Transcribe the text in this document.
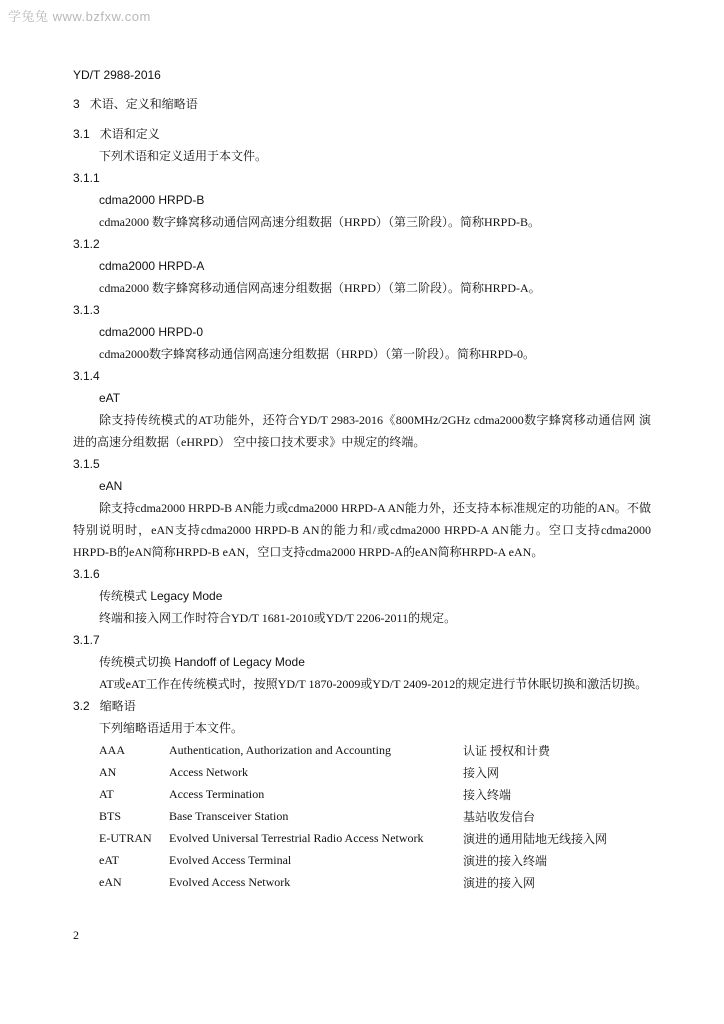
学兔兔 www.bzfxw.com
YD/T 2988-2016
3 术语、定义和缩略语
3.1 术语和定义
下列术语和定义适用于本文件。
3.1.1
cdma2000 HRPD-B
cdma2000 数字蜂窝移动通信网高速分组数据（HRPD）（第三阶段）。简称HRPD-B。
3.1.2
cdma2000 HRPD-A
cdma2000 数字蜂窝移动通信网高速分组数据（HRPD）（第二阶段）。简称HRPD-A。
3.1.3
cdma2000 HRPD-0
cdma2000数字蜂窝移动通信网高速分组数据（HRPD）（第一阶段）。简称HRPD-0。
3.1.4
eAT
除支持传统模式的AT功能外，还符合YD/T 2983-2016《800MHz/2GHz cdma2000数字蜂窝移动通信网 演进的高速分组数据（eHRPD） 空中接口技术要求》中规定的终端。
3.1.5
eAN
除支持cdma2000 HRPD-B AN能力或cdma2000 HRPD-A AN能力外，还支持本标准规定的功能的AN。不做特别说明时，eAN支持cdma2000 HRPD-B AN的能力和/或cdma2000 HRPD-A AN能力。空口支持cdma2000 HRPD-B的eAN简称HRPD-B eAN，空口支持cdma2000 HRPD-A的eAN简称HRPD-A eAN。
3.1.6
传统模式 Legacy Mode
终端和接入网工作时符合YD/T 1681-2010或YD/T 2206-2011的规定。
3.1.7
传统模式切换 Handoff of Legacy Mode
AT或eAT工作在传统模式时，按照YD/T 1870-2009或YD/T 2409-2012的规定进行节休眠切换和激活切换。
3.2 缩略语
下列缩略语适用于本文件。
AAA	Authentication, Authorization and Accounting	认证 授权和计费
AN	Access Network	接入网
AT	Access Termination	接入终端
BTS	Base Transceiver Station	基站收发信台
E-UTRAN	Evolved Universal Terrestrial Radio Access Network	演进的通用陆地无线接入网
eAT	Evolved Access Terminal	演进的接入终端
eAN	Evolved Access Network	演进的接入网
2
